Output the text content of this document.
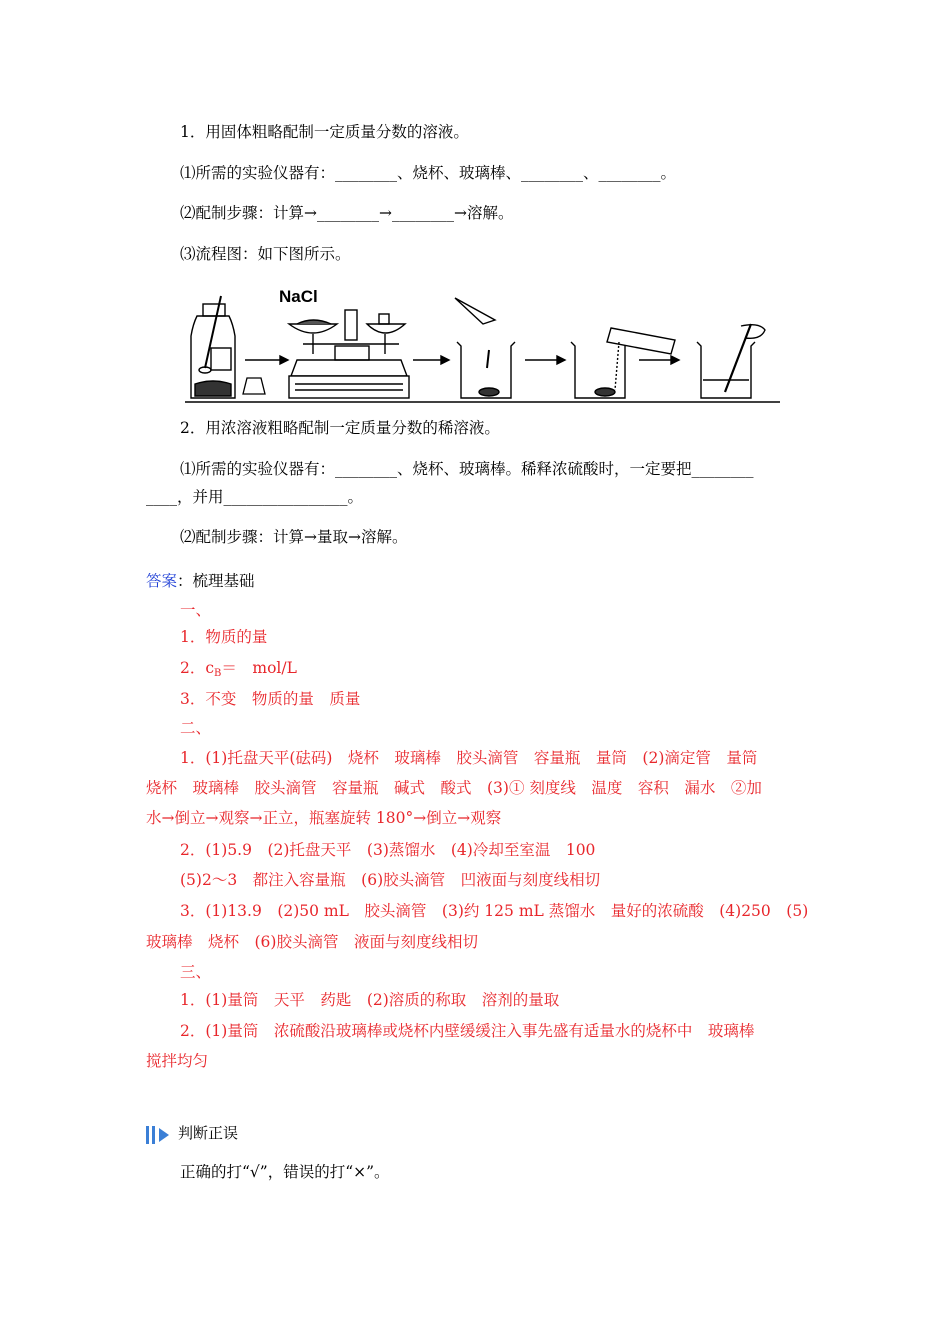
1．用固体粗略配制一定质量分数的溶液。
⑴所需的实验仪器有：________、烧杯、玻璃棒、________、________。
⑵配制步骤：计算→________→________→溶解。
⑶流程图：如下图所示。
NaCl
2．用浓溶液粗略配制一定质量分数的稀溶液。
⑴所需的实验仪器有：________、烧杯、玻璃棒。稀释浓硫酸时，一定要把________
____，并用________________。
⑵配制步骤：计算→量取→溶解。
答案：梳理基础
一、
1．物质的量
2．$c_B=$　mol/L
3．不变　物质的量　质量
二、
1．(1)托盘天平(砝码)　烧杯　玻璃棒　胶头滴管　容量瓶　量筒　(2)滴定管　量筒
烧杯　玻璃棒　胶头滴管　容量瓶　碱式　酸式　(3)① 刻度线　温度　容积　漏水　②加
水→倒立→观察→正立，瓶塞旋转 180°→倒立→观察
2．(1)5.9　(2)托盘天平　(3)蒸馏水　(4)冷却至室温　100
(5)2～3　都注入容量瓶　(6)胶头滴管　凹液面与刻度线相切
3．(1)13.9　(2)50 mL　胶头滴管　(3)约 125 mL 蒸馏水　量好的浓硫酸　(4)250　(5)
玻璃棒　烧杯　(6)胶头滴管　液面与刻度线相切
三、
1．(1)量筒　天平　药匙　(2)溶质的称取　溶剂的量取
2．(1)量筒　浓硫酸沿玻璃棒或烧杯内壁缓缓注入事先盛有适量水的烧杯中　玻璃棒
搅拌均匀
判断正误
正确的打“√”，错误的打“×”。
